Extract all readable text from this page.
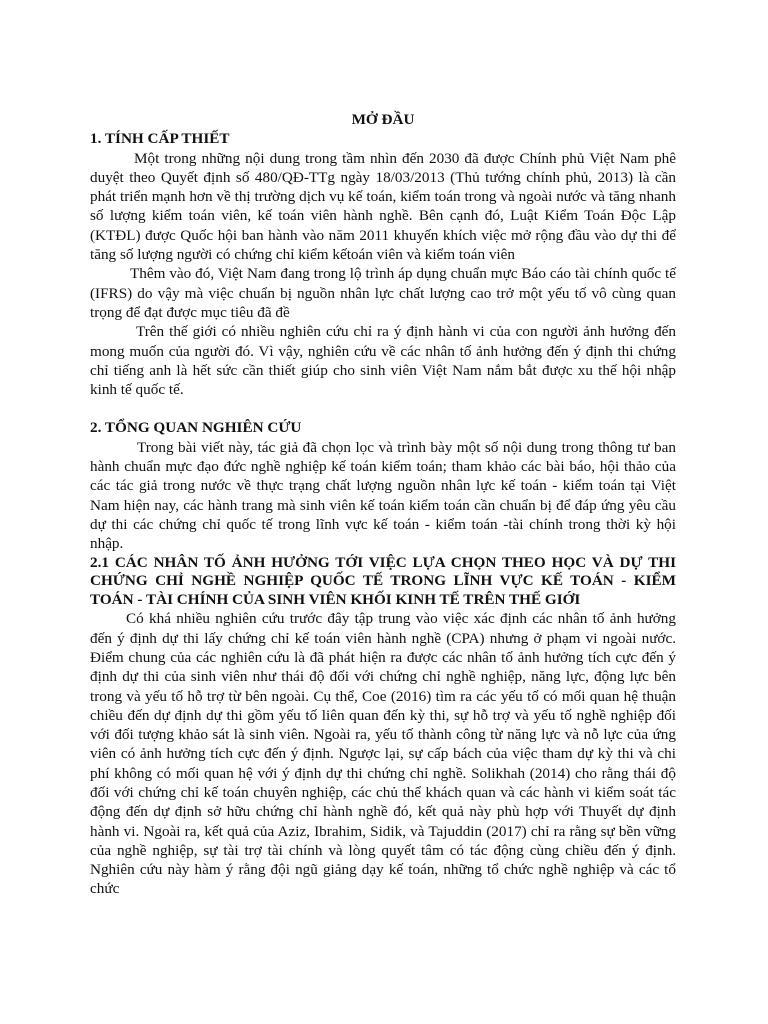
MỞ ĐẦU

1. TÍNH CẤP THIẾT

Một trong những nội dung trong tầm nhìn đến 2030 đã được Chính phủ Việt Nam phê duyệt theo Quyết định số 480/QĐ-TTg ngày 18/03/2013 (Thủ tướng chính phủ, 2013) là cần phát triển mạnh hơn về thị trường dịch vụ kế toán, kiểm toán trong và ngoài nước và tăng nhanh số lượng kiểm toán viên, kế toán viên hành nghề. Bên cạnh đó, Luật Kiểm Toán Độc Lập (KTĐL) được Quốc hội ban hành vào năm 2011 khuyến khích việc mở rộng đầu vào dự thi để tăng số lượng người có chứng chỉ kiểm kếtoán viên và kiểm toán viên

Thêm vào đó, Việt Nam đang trong lộ trình áp dụng chuẩn mực Báo cáo tài chính quốc tế (IFRS) do vậy mà việc chuẩn bị nguồn nhân lực chất lượng cao trở một yếu tố vô cùng quan trọng để đạt được mục tiêu đã đề

Trên thế giới có nhiều nghiên cứu chỉ ra ý định hành vi của con người ảnh hưởng đến mong muốn của người đó. Vì vậy, nghiên cứu về các nhân tố ảnh hưởng đến ý định thi chứng chỉ tiếng anh là hết sức cần thiết giúp cho sinh viên Việt Nam nắm bắt được xu thế hội nhập kinh tế quốc tế.

2. TỔNG QUAN NGHIÊN CỨU

Trong bài viết này, tác giả đã chọn lọc và trình bày một số nội dung trong thông tư ban hành chuẩn mực đạo đức nghề nghiệp kế toán kiểm toán; tham khảo các bài báo, hội thảo của các tác giả trong nước về thực trạng chất lượng nguồn nhân lực kế toán - kiểm toán tại Việt Nam hiện nay, các hành trang mà sinh viên kế toán kiểm toán cần chuẩn bị để đáp ứng yêu cầu dự thi các chứng chỉ quốc tế trong lĩnh vực kế toán - kiểm toán -tài chính trong thời kỳ hội nhập.

2.1 CÁC NHÂN TỐ ẢNH HƯỞNG TỚI VIỆC LỰA CHỌN THEO HỌC VÀ DỰ THI CHỨNG CHỈ NGHỀ NGHIỆP QUỐC TẾ TRONG LĨNH VỰC KẾ TOÁN - KIỂM TOÁN - TÀI CHÍNH CỦA SINH VIÊN KHỐI KINH TẾ TRÊN THẾ GIỚI

Có khá nhiều nghiên cứu trước đây tập trung vào việc xác định các nhân tố ảnh hưởng đến ý định dự thi lấy chứng chỉ kế toán viên hành nghề (CPA) nhưng ở phạm vi ngoài nước. Điểm chung của các nghiên cứu là đã phát hiện ra được các nhân tố ảnh hưởng tích cực đến ý định dự thi của sinh viên như thái độ đối với chứng chỉ nghề nghiệp, năng lực, động lực bên trong và yếu tố hỗ trợ từ bên ngoài. Cụ thể, Coe (2016) tìm ra các yếu tố có mối quan hệ thuận chiều đến dự định dự thi gồm yếu tố liên quan đến kỳ thi, sự hỗ trợ và yếu tố nghề nghiệp đối với đối tượng khảo sát là sinh viên. Ngoài ra, yếu tố thành công từ năng lực và nỗ lực của ứng viên có ảnh hưởng tích cực đến ý định. Ngược lại, sự cấp bách của việc tham dự kỳ thi và chi phí không có mối quan hệ với ý định dự thi chứng chỉ nghề. Solikhah (2014) cho rằng thái độ đối với chứng chỉ kế toán chuyên nghiệp, các chủ thể khách quan và các hành vi kiểm soát tác động đến dự định sở hữu chứng chỉ hành nghề đó, kết quả này phù hợp với Thuyết dự định hành vi. Ngoài ra, kết quả của Aziz, Ibrahim, Sidik, và Tajuddin (2017) chỉ ra rằng sự bền vững của nghề nghiệp, sự tài trợ tài chính và lòng quyết tâm có tác động cùng chiều đến ý định. Nghiên cứu này hàm ý rằng đội ngũ giảng dạy kế toán, những tổ chức nghề nghiệp và các tổ chức
